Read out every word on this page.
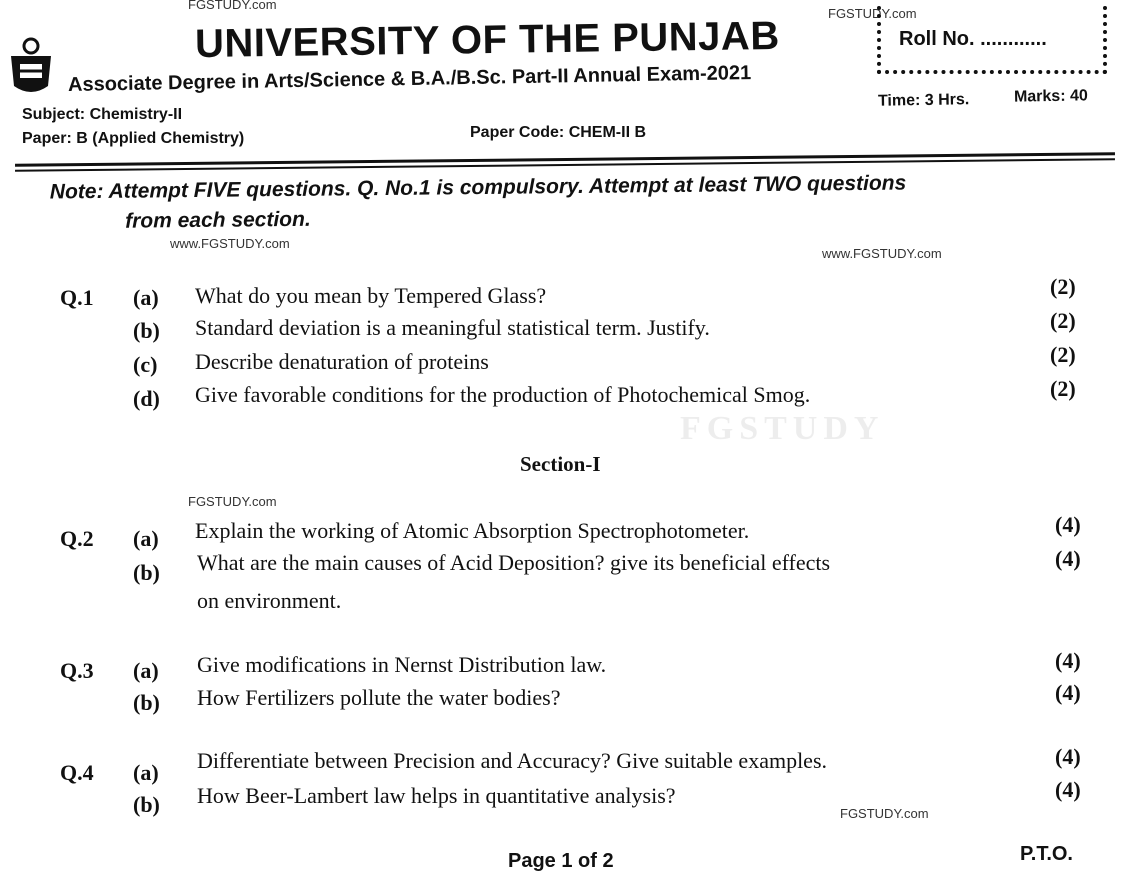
FGSTUDY
FGSTUDY.com
FGSTUDY.com
www.FGSTUDY.com
www.FGSTUDY.com
FGSTUDY.com
FGSTUDY.com
UNIVERSITY OF THE PUNJAB
Associate Degree in Arts/Science & B.A./B.Sc. Part-II Annual Exam-2021
Roll No. ............
Time: 3 Hrs.	Marks: 40
Subject: Chemistry-II
Paper: B (Applied Chemistry)	Paper Code: CHEM-II B
Note: Attempt FIVE questions. Q. No.1 is compulsory. Attempt at least TWO questions
from each section.
Q.1 (a) What do you mean by Tempered Glass?	(2)
(b) Standard deviation is a meaningful statistical term. Justify.	(2)
(c) Describe denaturation of proteins	(2)
(d) Give favorable conditions for the production of Photochemical Smog.	(2)
Section-I
Q.2 (a) Explain the working of Atomic Absorption Spectrophotometer.	(4)
(b) What are the main causes of Acid Deposition? give its beneficial effects
on environment.
(4)
Q.3 (a) Give modifications in Nernst Distribution law.	(4)
(b) How Fertilizers pollute the water bodies?	(4)
Q.4 (a) Differentiate between Precision and Accuracy? Give suitable examples.	(4)
(b) How Beer-Lambert law helps in quantitative analysis?	(4)
Page 1 of 2	P.T.O.
